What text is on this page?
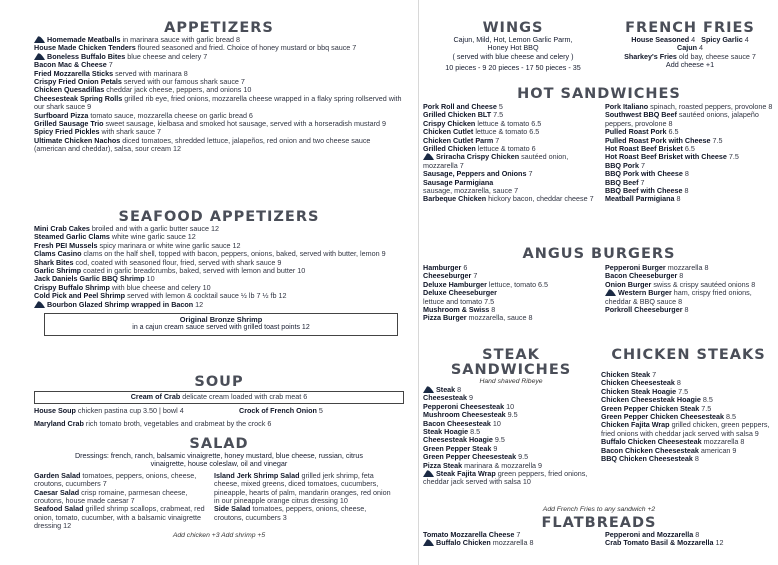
APPETIZERS
Homemade Meatballs in marinara sauce with garlic bread 8
House Made Chicken Tenders floured seasoned and fried. Choice of honey mustard or bbq sauce 7
Boneless Buffalo Bites blue cheese and celery 7
Bacon Mac & Cheese 7
Fried Mozzarella Sticks served with marinara 8
Crispy Fried Onion Petals served with our famous shark sauce 7
Chicken Quesadillas cheddar jack cheese, peppers, and onions 10
Cheesesteak Spring Rolls grilled rib eye, fried onions, mozzarella cheese wrapped in a flaky spring rollserved with our shark sauce 9
Surfboard Pizza tomato sauce, mozzarella cheese on garlic bread 6
Grilled Sausage Trio sweet sausage, kielbasa and smoked hot sausage, served with a horseradish mustard 9
Spicy Fried Pickles with shark sauce 7
Ultimate Chicken Nachos diced tomatoes, shredded lettuce, jalapeños, red onion and two cheese sauce (american and cheddar), salsa, sour cream 12
SEAFOOD APPETIZERS
Mini Crab Cakes broiled and with a garlic butter sauce 12
Steamed Garlic Clams white wine garlic sauce 12
Fresh PEI Mussels spicy marinara or white wine garlic sauce 12
Clams Casino clams on the half shell, topped with bacon, peppers, onions, baked, served with butter, lemon 9
Shark Bites cod, coated with seasoned flour, fried, served with shark sauce 9
Garlic Shrimp coated in garlic breadcrumbs, baked, served with lemon and butter 10
Jack Daniels Garlic BBQ Shrimp 10
Crispy Buffalo Shrimp with blue cheese and celery 10
Cold Pick and Peel Shrimp served with lemon & cocktail sauce ½ lb 7 ½ fb 12
Bourbon Glazed Shrimp wrapped in Bacon 12
Original Bronze Shrimp
in a cajun cream sauce served with grilled toast points 12
SOUP
Cream of Crab delicate cream loaded with crab meat 6
House Soup chicken pastina cup 3.50 | bowl 4	Crock of French Onion 5
Maryland Crab rich tomato broth, vegetables and crabmeat by the crock 6
SALAD
Dressings: french, ranch, balsamic vinaigrette, honey mustard, blue cheese, russian, citrus vinaigrette, house coleslaw, oil and vinegar
Garden Salad tomatoes, peppers, onions, cheese, croutons, cucumbers 7
Caesar Salad crisp romaine, parmesan cheese, croutons, house made caesar 7
Seafood Salad grilled shrimp scallops, crabmeat, red onion, tomato, cucumber, with a balsamic vinaigrette dressing 12
Island Jerk Shrimp Salad grilled jerk shrimp, feta cheese, mixed greens, diced tomatoes, cucumbers, pineapple, hearts of palm, mandarin oranges, red onion in our pineapple orange citrus dressing 10
Side Salad tomatoes, peppers, onions, cheese, croutons, cucumbers 3
Add chicken +3 Add shrimp +5
WINGS
Cajun, Mild, Hot, Lemon Garlic Parm, Honey Hot BBQ
( served with blue cheese and celery )
10 pieces - 9 20 pieces - 17 50 pieces - 35
FRENCH FRIES
House Seasoned 4 Spicy Garlic 4
Cajun 4
Sharkey's Fries old bay, cheese sauce 7
Add cheese +1
HOT SANDWICHES
Pork Roll and Cheese 5
Grilled Chicken BLT 7.5
Crispy Chicken lettuce & tomato 6.5
Chicken Cutlet lettuce & tomato 6.5
Chicken Cutlet Parm 7
Grilled Chicken lettuce & tomato 6
Sriracha Crispy Chicken sautéed onion, mozzarella 7
Sausage, Peppers and Onions 7
Sausage Parmigiana
sausage, mozzarella, sauce 7
Barbeque Chicken hickory bacon, cheddar cheese 7
Pork Italiano spinach, roasted peppers, provolone 8
Southwest BBQ Beef sautéed onions, jalapeño peppers, provolone 8
Pulled Roast Pork 6.5
Pulled Roast Pork with Cheese 7.5
Hot Roast Beef Brisket 6.5
Hot Roast Beef Brisket with Cheese 7.5
BBQ Pork 7
BBQ Pork with Cheese 8
BBQ Beef 7
BBQ Beef with Cheese 8
Meatball Parmigiana 8
ANGUS BURGERS
Hamburger 6
Cheeseburger 7
Deluxe Hamburger lettuce, tomato 6.5
Deluxe Cheeseburger
lettuce and tomato 7.5
Mushroom & Swiss 8
Pizza Burger mozzarella, sauce 8
Pepperoni Burger mozzarella 8
Bacon Cheeseburger 8
Onion Burger swiss & crispy sautéed onions 8
Western Burger ham, crispy fried onions, cheddar & BBQ sauce 8
Porkroll Cheeseburger 8
STEAK SANDWICHES
Hand shaved Ribeye
Steak 8
Cheesesteak 9
Pepperoni Cheesesteak 10
Mushroom Cheesesteak 9.5
Bacon Cheesesteak 10
Steak Hoagie 8.5
Cheesesteak Hoagie 9.5
Green Pepper Steak 9
Green Pepper Cheesesteak 9.5
Pizza Steak marinara & mozzarella 9
Steak Fajita Wrap green peppers, fried onions, cheddar jack served with salsa 10
CHICKEN STEAKS
Chicken Steak 7
Chicken Cheesesteak 8
Chicken Steak Hoagie 7.5
Chicken Cheesesteak Hoagie 8.5
Green Pepper Chicken Steak 7.5
Green Pepper Chicken Cheesesteak 8.5
Chicken Fajita Wrap grilled chicken, green peppers, fried onions with cheddar jack served with salsa 9
Buffalo Chicken Cheesesteak mozzarella 8
Bacon Chicken Cheesesteak american 9
BBQ Chicken Cheesesteak 8
Add French Fries to any sandwich +2
FLATBREADS
Tomato Mozzarella Cheese 7
Buffalo Chicken mozzarella 8
Pepperoni and Mozzarella 8
Crab Tomato Basil & Mozzarella 12
